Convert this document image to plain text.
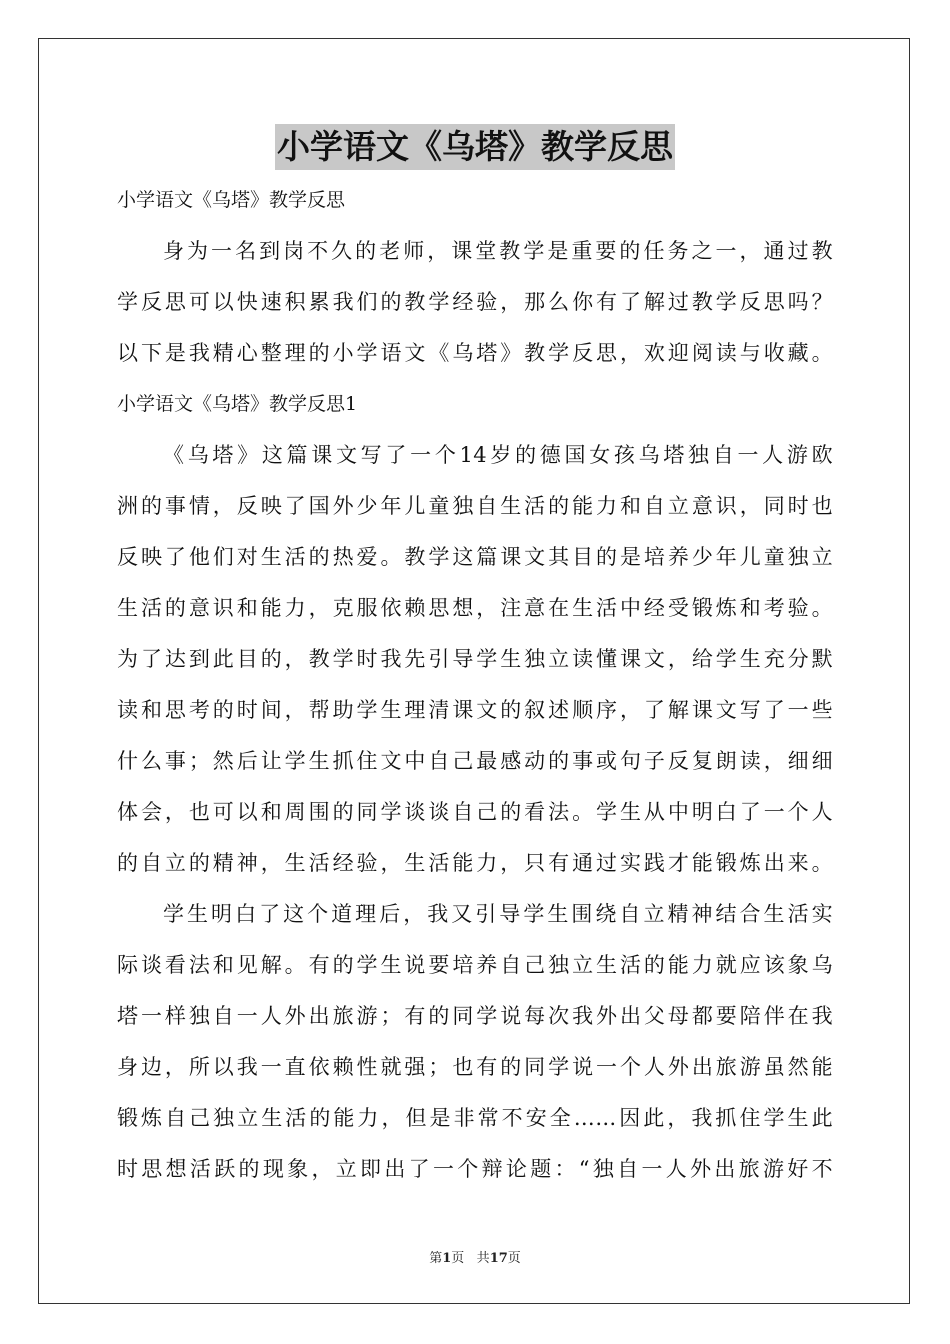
小学语文《乌塔》教学反思
小学语文《乌塔》教学反思
身为一名到岗不久的老师，课堂教学是重要的任务之一，通过教
学反思可以快速积累我们的教学经验，那么你有了解过教学反思吗？
以下是我精心整理的小学语文《乌塔》教学反思，欢迎阅读与收藏。
小学语文《乌塔》教学反思1
《乌塔》这篇课文写了一个14岁的德国女孩乌塔独自一人游欧
洲的事情，反映了国外少年儿童独自生活的能力和自立意识，同时也
反映了他们对生活的热爱。教学这篇课文其目的是培养少年儿童独立
生活的意识和能力，克服依赖思想，注意在生活中经受锻炼和考验。
为了达到此目的，教学时我先引导学生独立读懂课文，给学生充分默
读和思考的时间，帮助学生理清课文的叙述顺序，了解课文写了一些
什么事；然后让学生抓住文中自己最感动的事或句子反复朗读，细细
体会，也可以和周围的同学谈谈自己的看法。学生从中明白了一个人
的自立的精神，生活经验，生活能力，只有通过实践才能锻炼出来。
学生明白了这个道理后，我又引导学生围绕自立精神结合生活实
际谈看法和见解。有的学生说要培养自己独立生活的能力就应该象乌
塔一样独自一人外出旅游；有的同学说每次我外出父母都要陪伴在我
身边，所以我一直依赖性就强；也有的同学说一个人外出旅游虽然能
锻炼自己独立生活的能力，但是非常不安全……因此，我抓住学生此
时思想活跃的现象，立即出了一个辩论题：“独自一人外出旅游好不
第1页 共17页
